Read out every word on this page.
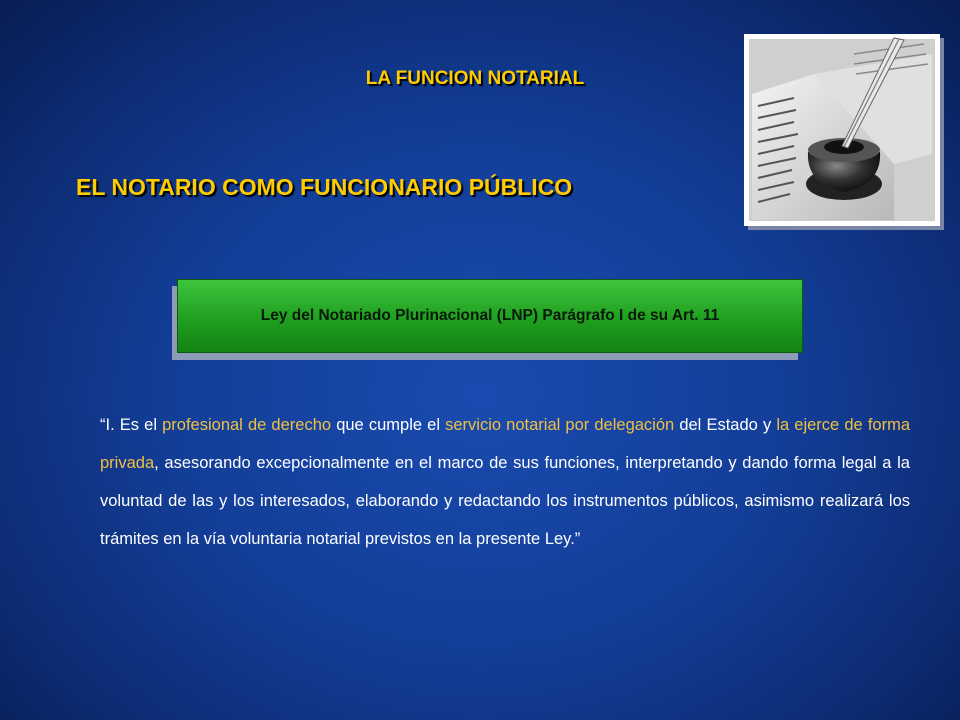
LA FUNCION NOTARIAL
EL NOTARIO COMO FUNCIONARIO PÚBLICO
Ley del Notariado Plurinacional (LNP) Parágrafo I de su Art. 11
“I. Es el profesional de derecho que cumple el servicio notarial por delegación del Estado y la ejerce de forma privada, asesorando excepcionalmente en el marco de sus funciones, interpretando y dando forma legal a la voluntad de las y los interesados, elaborando y redactando los instrumentos públicos, asimismo realizará los trámites en la vía voluntaria notarial previstos en la presente Ley.”
